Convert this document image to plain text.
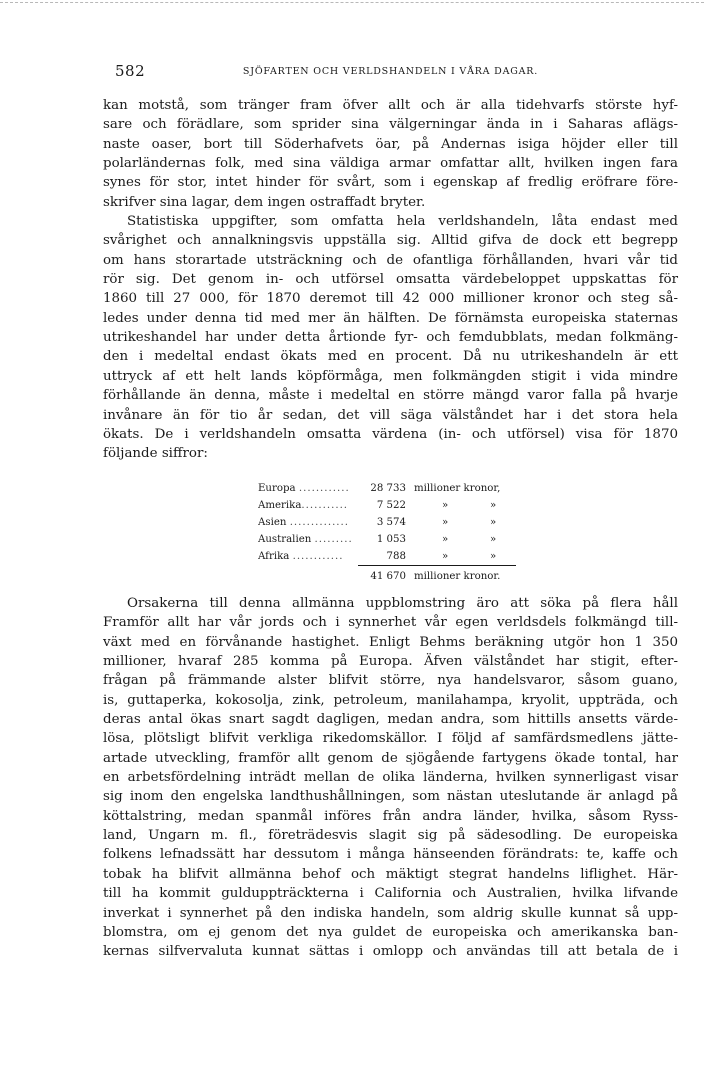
582	SJÖFARTEN OCH VERLDSHANDELN I VÅRA DAGAR.
kan motstå, som tränger fram öfver allt och är alla tidehvarfs störste hyf-
sare och förädlare, som sprider sina välgerningar ända in i Saharas aflägs-
naste oaser, bort till Söderhafvets öar, på Andernas isiga höjder eller till
polarländernas folk, med sina väldiga armar omfattar allt, hvilken ingen fara
synes för stor, intet hinder för svårt, som i egenskap af fredlig eröfrare före-
skrifver sina lagar, dem ingen ostraffadt bryter.
Statistiska uppgifter, som omfatta hela verldshandeln, låta endast med
svårighet och annalkningsvis uppställa sig. Alltid gifva de dock ett begrepp
om hans storartade utsträckning och de ofantliga förhållanden, hvari vår tid
rör sig. Det genom in- och utförsel omsatta värdebeloppet uppskattas för
1860 till 27 000, för 1870 deremot till 42 000 millioner kronor och steg så-
ledes under denna tid med mer än hälften. De förnämsta europeiska staternas
utrikeshandel har under detta årtionde fyr- och femdubblats, medan folkmäng-
den i medeltal endast ökats med en procent. Då nu utrikeshandeln är ett
uttryck af ett helt lands köpförmåga, men folkmängden stigit i vida mindre
förhållande än denna, måste i medeltal en större mängd varor falla på hvarje
invånare än för tio år sedan, det vill säga välståndet har i det stora hela
ökats. De i verldshandeln omsatta värdena (in- och utförsel) visa för 1870
följande siffror:
Europa ............	28 733 millioner kronor,
Amerika...........	7 522	»	»
Asien ..............	3 574	»	»
Australien .........	1 053	»	»
Afrika ............	788	»	»
41 670 millioner kronor.
Orsakerna till denna allmänna uppblomstring äro att söka på flera håll
Framför allt har vår jords och i synnerhet vår egen verldsdels folkmängd till-
växt med en förvånande hastighet. Enligt Behms beräkning utgör hon 1 350
millioner, hvaraf 285 komma på Europa. Äfven välståndet har stigit, efter-
frågan på främmande alster blifvit större, nya handelsvaror, såsom guano,
is, guttaperka, kokosolja, zink, petroleum, manilahampa, kryolit, uppträda, och
deras antal ökas snart sagdt dagligen, medan andra, som hittills ansetts värde-
lösa, plötsligt blifvit verkliga rikedomskällor. I följd af samfärdsmedlens jätte-
artade utveckling, framför allt genom de sjögående fartygens ökade tontal, har
en arbetsfördelning inträdt mellan de olika länderna, hvilken synnerligast visar
sig inom den engelska landthushållningen, som nästan uteslutande är anlagd på
köttalstring, medan spanmål införes från andra länder, hvilka, såsom Ryss-
land, Ungarn m. fl., företrädesvis slagit sig på sädesodling. De europeiska
folkens lefnadssätt har dessutom i många hänseenden förändrats: te, kaffe och
tobak ha blifvit allmänna behof och mäktigt stegrat handelns liflighet. Här-
till ha kommit gulduppträckterna i California och Australien, hvilka lifvande
inverkat i synnerhet på den indiska handeln, som aldrig skulle kunnat så upp-
blomstra, om ej genom det nya guldet de europeiska och amerikanska ban-
kernas silfvervaluta kunnat sättas i omlopp och användas till att betala de i
